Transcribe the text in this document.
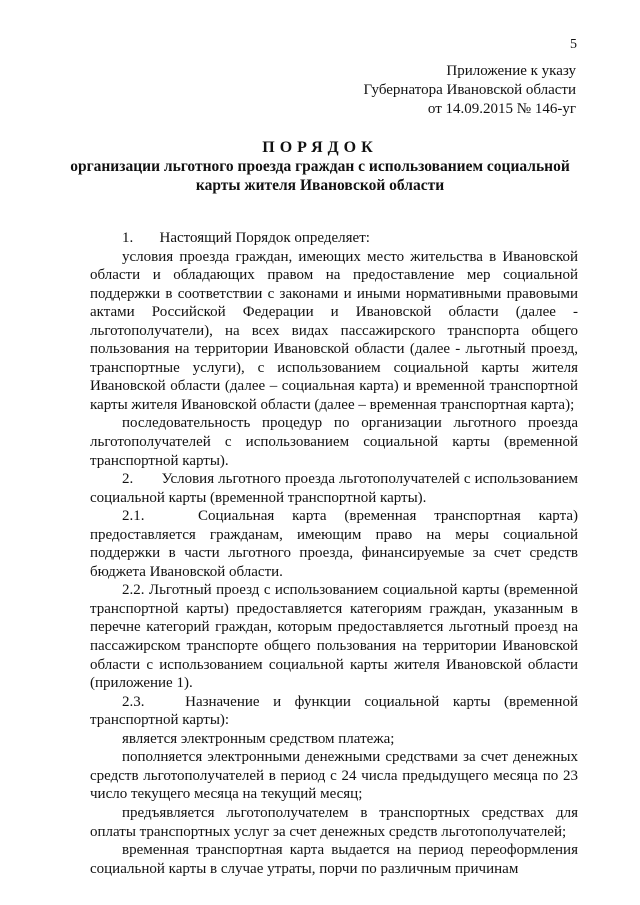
5
Приложение к указу
Губернатора Ивановской области
от 14.09.2015 № 146-уг
ПОРЯДОК
организации льготного проезда граждан с использованием социальной
карты жителя Ивановской области

1.       Настоящий Порядок определяет:

условия проезда граждан, имеющих место жительства в Ивановской области и обладающих правом на предоставление мер социальной поддержки в соответствии с законами и иными нормативными правовыми актами Российской Федерации и Ивановской области (далее - льготополучатели), на всех видах пассажирского транспорта общего пользования на территории Ивановской области (далее - льготный проезд, транспортные услуги), с использованием социальной карты жителя Ивановской области (далее – социальная карта) и временной транспортной карты жителя Ивановской области (далее – временная транспортная карта);

последовательность процедур по организации льготного проезда льготополучателей с использованием социальной карты (временной транспортной карты).

2.       Условия льготного проезда льготополучателей с использованием социальной карты (временной транспортной карты).

2.1.   Социальная карта (временная транспортная карта) предоставляется гражданам, имеющим право на меры социальной поддержки в части льготного проезда, финансируемые за счет средств бюджета Ивановской области.

2.2. Льготный проезд с использованием социальной карты (временной транспортной карты) предоставляется категориям граждан, указанным в перечне категорий граждан, которым предоставляется льготный проезд на пассажирском транспорте общего пользования на территории Ивановской области с использованием социальной карты жителя Ивановской области (приложение 1).

2.3.   Назначение и функции социальной карты (временной транспортной карты):

является электронным средством платежа;

пополняется электронными денежными средствами за счет денежных средств льготополучателей в период с 24 числа предыдущего месяца по 23 число текущего месяца на текущий месяц;

предъявляется льготополучателем в транспортных средствах для оплаты транспортных услуг за счет денежных средств льготополучателей;

временная транспортная карта выдается на период переоформления социальной карты в случае утраты, порчи по различным причинам
